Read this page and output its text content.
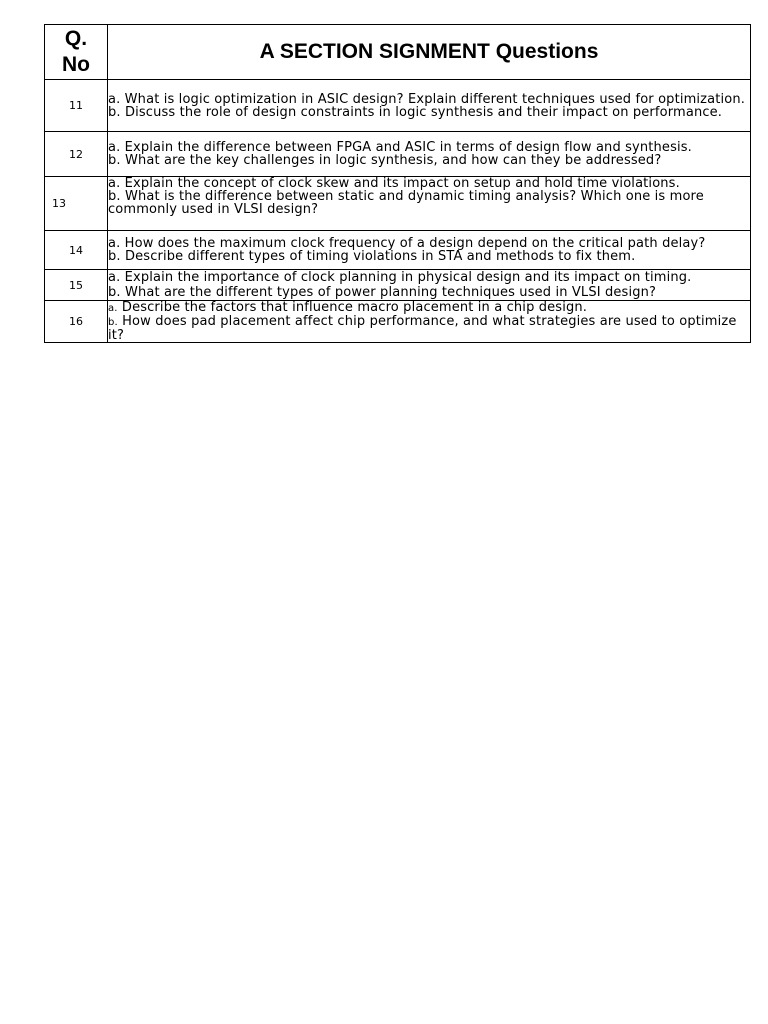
Q.
No	A SECTION SIGNMENT Questions
11	a. What is logic optimization in ASIC design? Explain different techniques used for optimization.
b. Discuss the role of design constraints in logic synthesis and their impact on performance.

12	a. Explain the difference between FPGA and ASIC in terms of design flow and synthesis.
b. What are the key challenges in logic synthesis, and how can they be addressed?

13	a. Explain the concept of clock skew and its impact on setup and hold time violations.
b. What is the difference between static and dynamic timing analysis? Which one is more commonly used in VLSI design?

14	a. How does the maximum clock frequency of a design depend on the critical path delay?
b. Describe different types of timing violations in STA and methods to fix them.

15	a. Explain the importance of clock planning in physical design and its impact on timing.
b. What are the different types of power planning techniques used in VLSI design?

16	a. Describe the factors that influence macro placement in a chip design.
b. How does pad placement affect chip performance, and what strategies are used to optimize it?
